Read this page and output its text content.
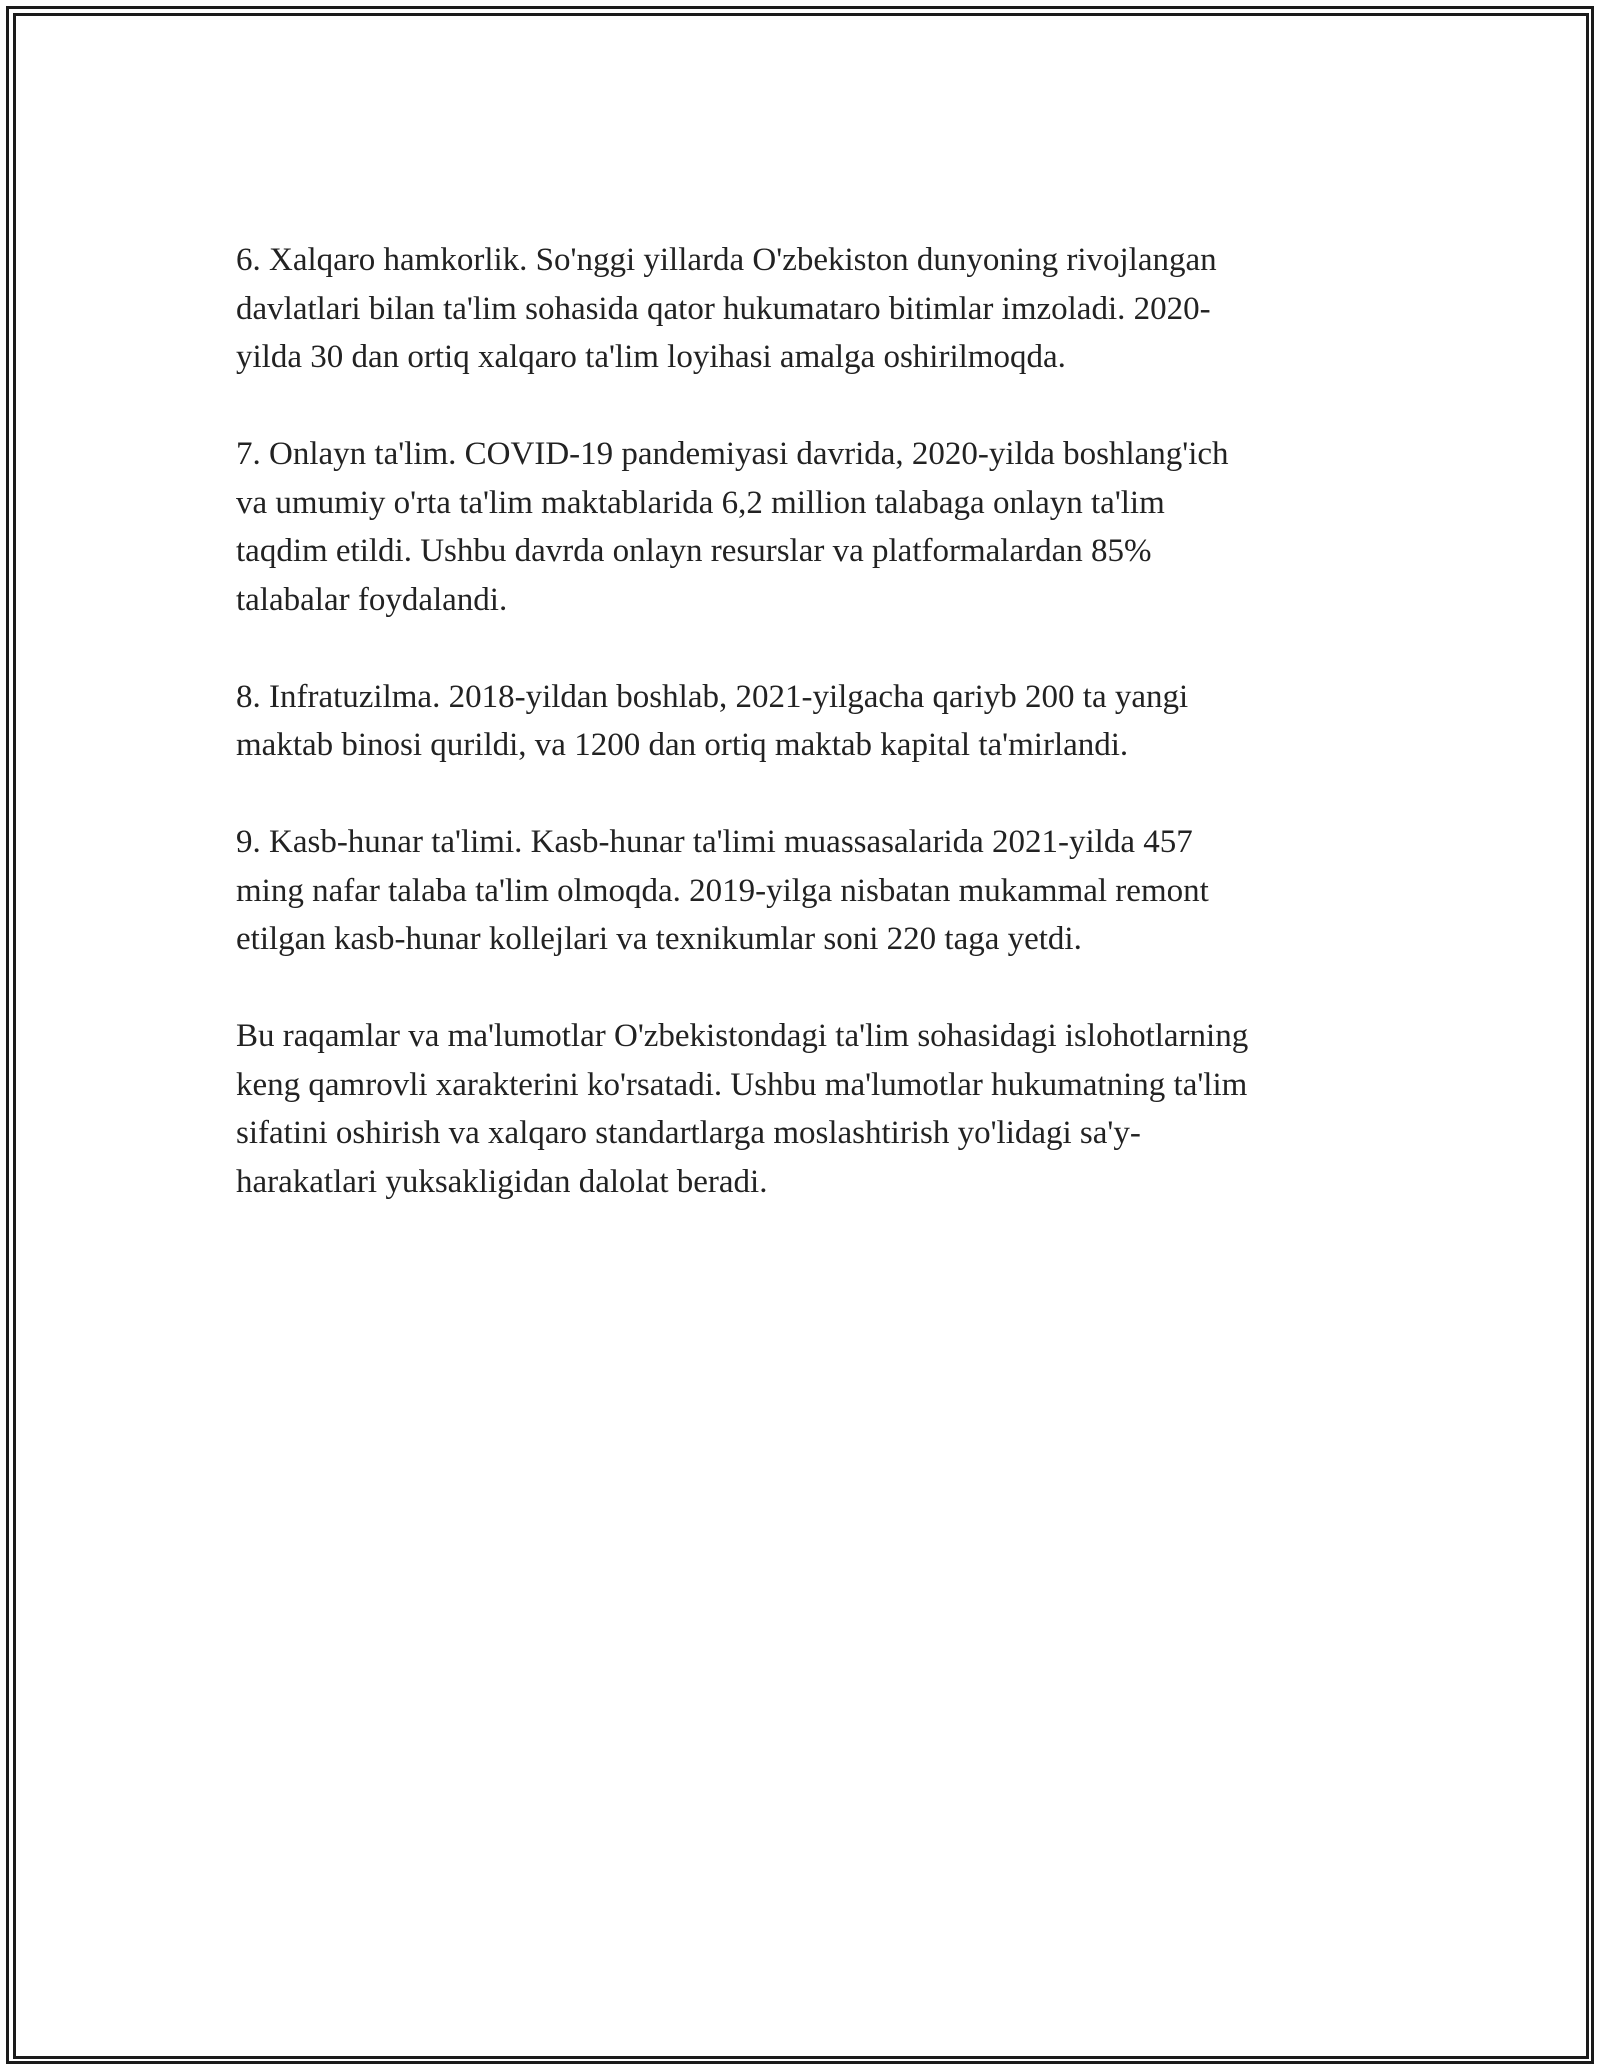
6. Xalqaro hamkorlik. So'nggi yillarda O'zbekiston dunyoning rivojlangan
davlatlari bilan ta'lim sohasida qator hukumataro bitimlar imzoladi. 2020-
yilda 30 dan ortiq xalqaro ta'lim loyihasi amalga oshirilmoqda.

7. Onlayn ta'lim. COVID-19 pandemiyasi davrida, 2020-yilda boshlang'ich
va umumiy o'rta ta'lim maktablarida 6,2 million talabaga onlayn ta'lim
taqdim etildi. Ushbu davrda onlayn resurslar va platformalardan 85%
talabalar foydalandi.

8. Infratuzilma. 2018-yildan boshlab, 2021-yilgacha qariyb 200 ta yangi
maktab binosi qurildi, va 1200 dan ortiq maktab kapital ta'mirlandi.

9. Kasb-hunar ta'limi. Kasb-hunar ta'limi muassasalarida 2021-yilda 457
ming nafar talaba ta'lim olmoqda. 2019-yilga nisbatan mukammal remont
etilgan kasb-hunar kollejlari va texnikumlar soni 220 taga yetdi.

Bu raqamlar va ma'lumotlar O'zbekistondagi ta'lim sohasidagi islohotlarning
keng qamrovli xarakterini ko'rsatadi. Ushbu ma'lumotlar hukumatning ta'lim
sifatini oshirish va xalqaro standartlarga moslashtirish yo'lidagi sa'y-
harakatlari yuksakligidan dalolat beradi.
